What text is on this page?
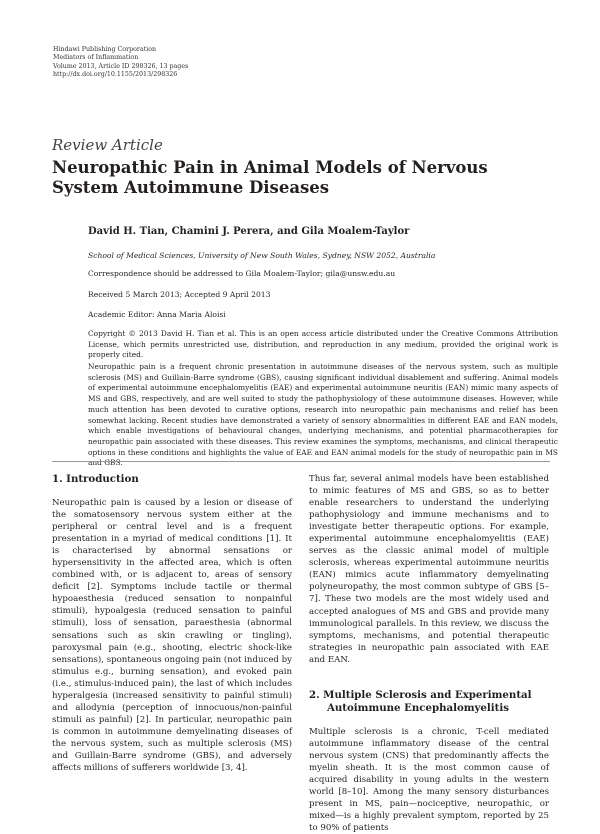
Hindawi Publishing Corporation
Mediators of Inflammation
Volume 2013, Article ID 298326, 13 pages
http://dx.doi.org/10.1155/2013/298326
Review Article
Neuropathic Pain in Animal Models of Nervous System Autoimmune Diseases
David H. Tian, Chamini J. Perera, and Gila Moalem-Taylor
School of Medical Sciences, University of New South Wales, Sydney, NSW 2052, Australia
Correspondence should be addressed to Gila Moalem-Taylor; gila@unsw.edu.au
Received 5 March 2013; Accepted 9 April 2013
Academic Editor: Anna Maria Aloisi
Copyright © 2013 David H. Tian et al. This is an open access article distributed under the Creative Commons Attribution License, which permits unrestricted use, distribution, and reproduction in any medium, provided the original work is properly cited.
Neuropathic pain is a frequent chronic presentation in autoimmune diseases of the nervous system, such as multiple sclerosis (MS) and Guillain-Barre syndrome (GBS), causing significant individual disablement and suffering. Animal models of experimental autoimmune encephalomyelitis (EAE) and experimental autoimmune neuritis (EAN) mimic many aspects of MS and GBS, respectively, and are well suited to study the pathophysiology of these autoimmune diseases. However, while much attention has been devoted to curative options, research into neuropathic pain mechanisms and relief has been somewhat lacking. Recent studies have demonstrated a variety of sensory abnormalities in different EAE and EAN models, which enable investigations of behavioural changes, underlying mechanisms, and potential pharmacotherapies for neuropathic pain associated with these diseases. This review examines the symptoms, mechanisms, and clinical therapeutic options in these conditions and highlights the value of EAE and EAN animal models for the study of neuropathic pain in MS and GBS.
1. Introduction

Neuropathic pain is caused by a lesion or disease of the somatosensory nervous system either at the peripheral or central level and is a frequent presentation in a myriad of medical conditions [1]. It is characterised by abnormal sensations or hypersensitivity in the affected area, which is often combined with, or is adjacent to, areas of sensory deficit [2]. Symptoms include tactile or thermal hypoaesthesia (reduced sensation to nonpainful stimuli), hypoalgesia (reduced sensation to painful stimuli), loss of sensation, paraesthesia (abnormal sensations such as skin crawling or tingling), paroxysmal pain (e.g., shooting, electric shock-like sensations), spontaneous ongoing pain (not induced by stimulus e.g., burning sensation), and evoked pain (i.e., stimulus-induced pain), the last of which includes hyperalgesia (increased sensitivity to painful stimuli) and allodynia (perception of innocuous/non-painful stimuli as painful) [2]. In particular, neuropathic pain is common in autoimmune demyelinating diseases of the nervous system, such as multiple sclerosis (MS) and Guillain-Barre syndrome (GBS), and adversely affects millions of sufferers worldwide [3, 4].

Thus far, several animal models have been established to mimic features of MS and GBS, so as to better enable researchers to understand the underlying pathophysiology and immune mechanisms and to investigate better therapeutic options. For example, experimental autoimmune encephalomyelitis (EAE) serves as the classic animal model of multiple sclerosis, whereas experimental autoimmune neuritis (EAN) mimics acute inflammatory demyelinating polyneuropathy, the most common subtype of GBS [5–7]. These two models are the most widely used and accepted analogues of MS and GBS and provide many immunological parallels. In this review, we discuss the symptoms, mechanisms, and potential therapeutic strategies in neuropathic pain associated with EAE and EAN.

2. Multiple Sclerosis and Experimental
Autoimmune Encephalomyelitis

Multiple sclerosis is a chronic, T-cell mediated autoimmune inflammatory disease of the central nervous system (CNS) that predominantly affects the myelin sheath. It is the most common cause of acquired disability in young adults in the western world [8–10]. Among the many sensory disturbances present in MS, pain—nociceptive, neuropathic, or mixed—is a highly prevalent symptom, reported by 25 to 90% of patients
